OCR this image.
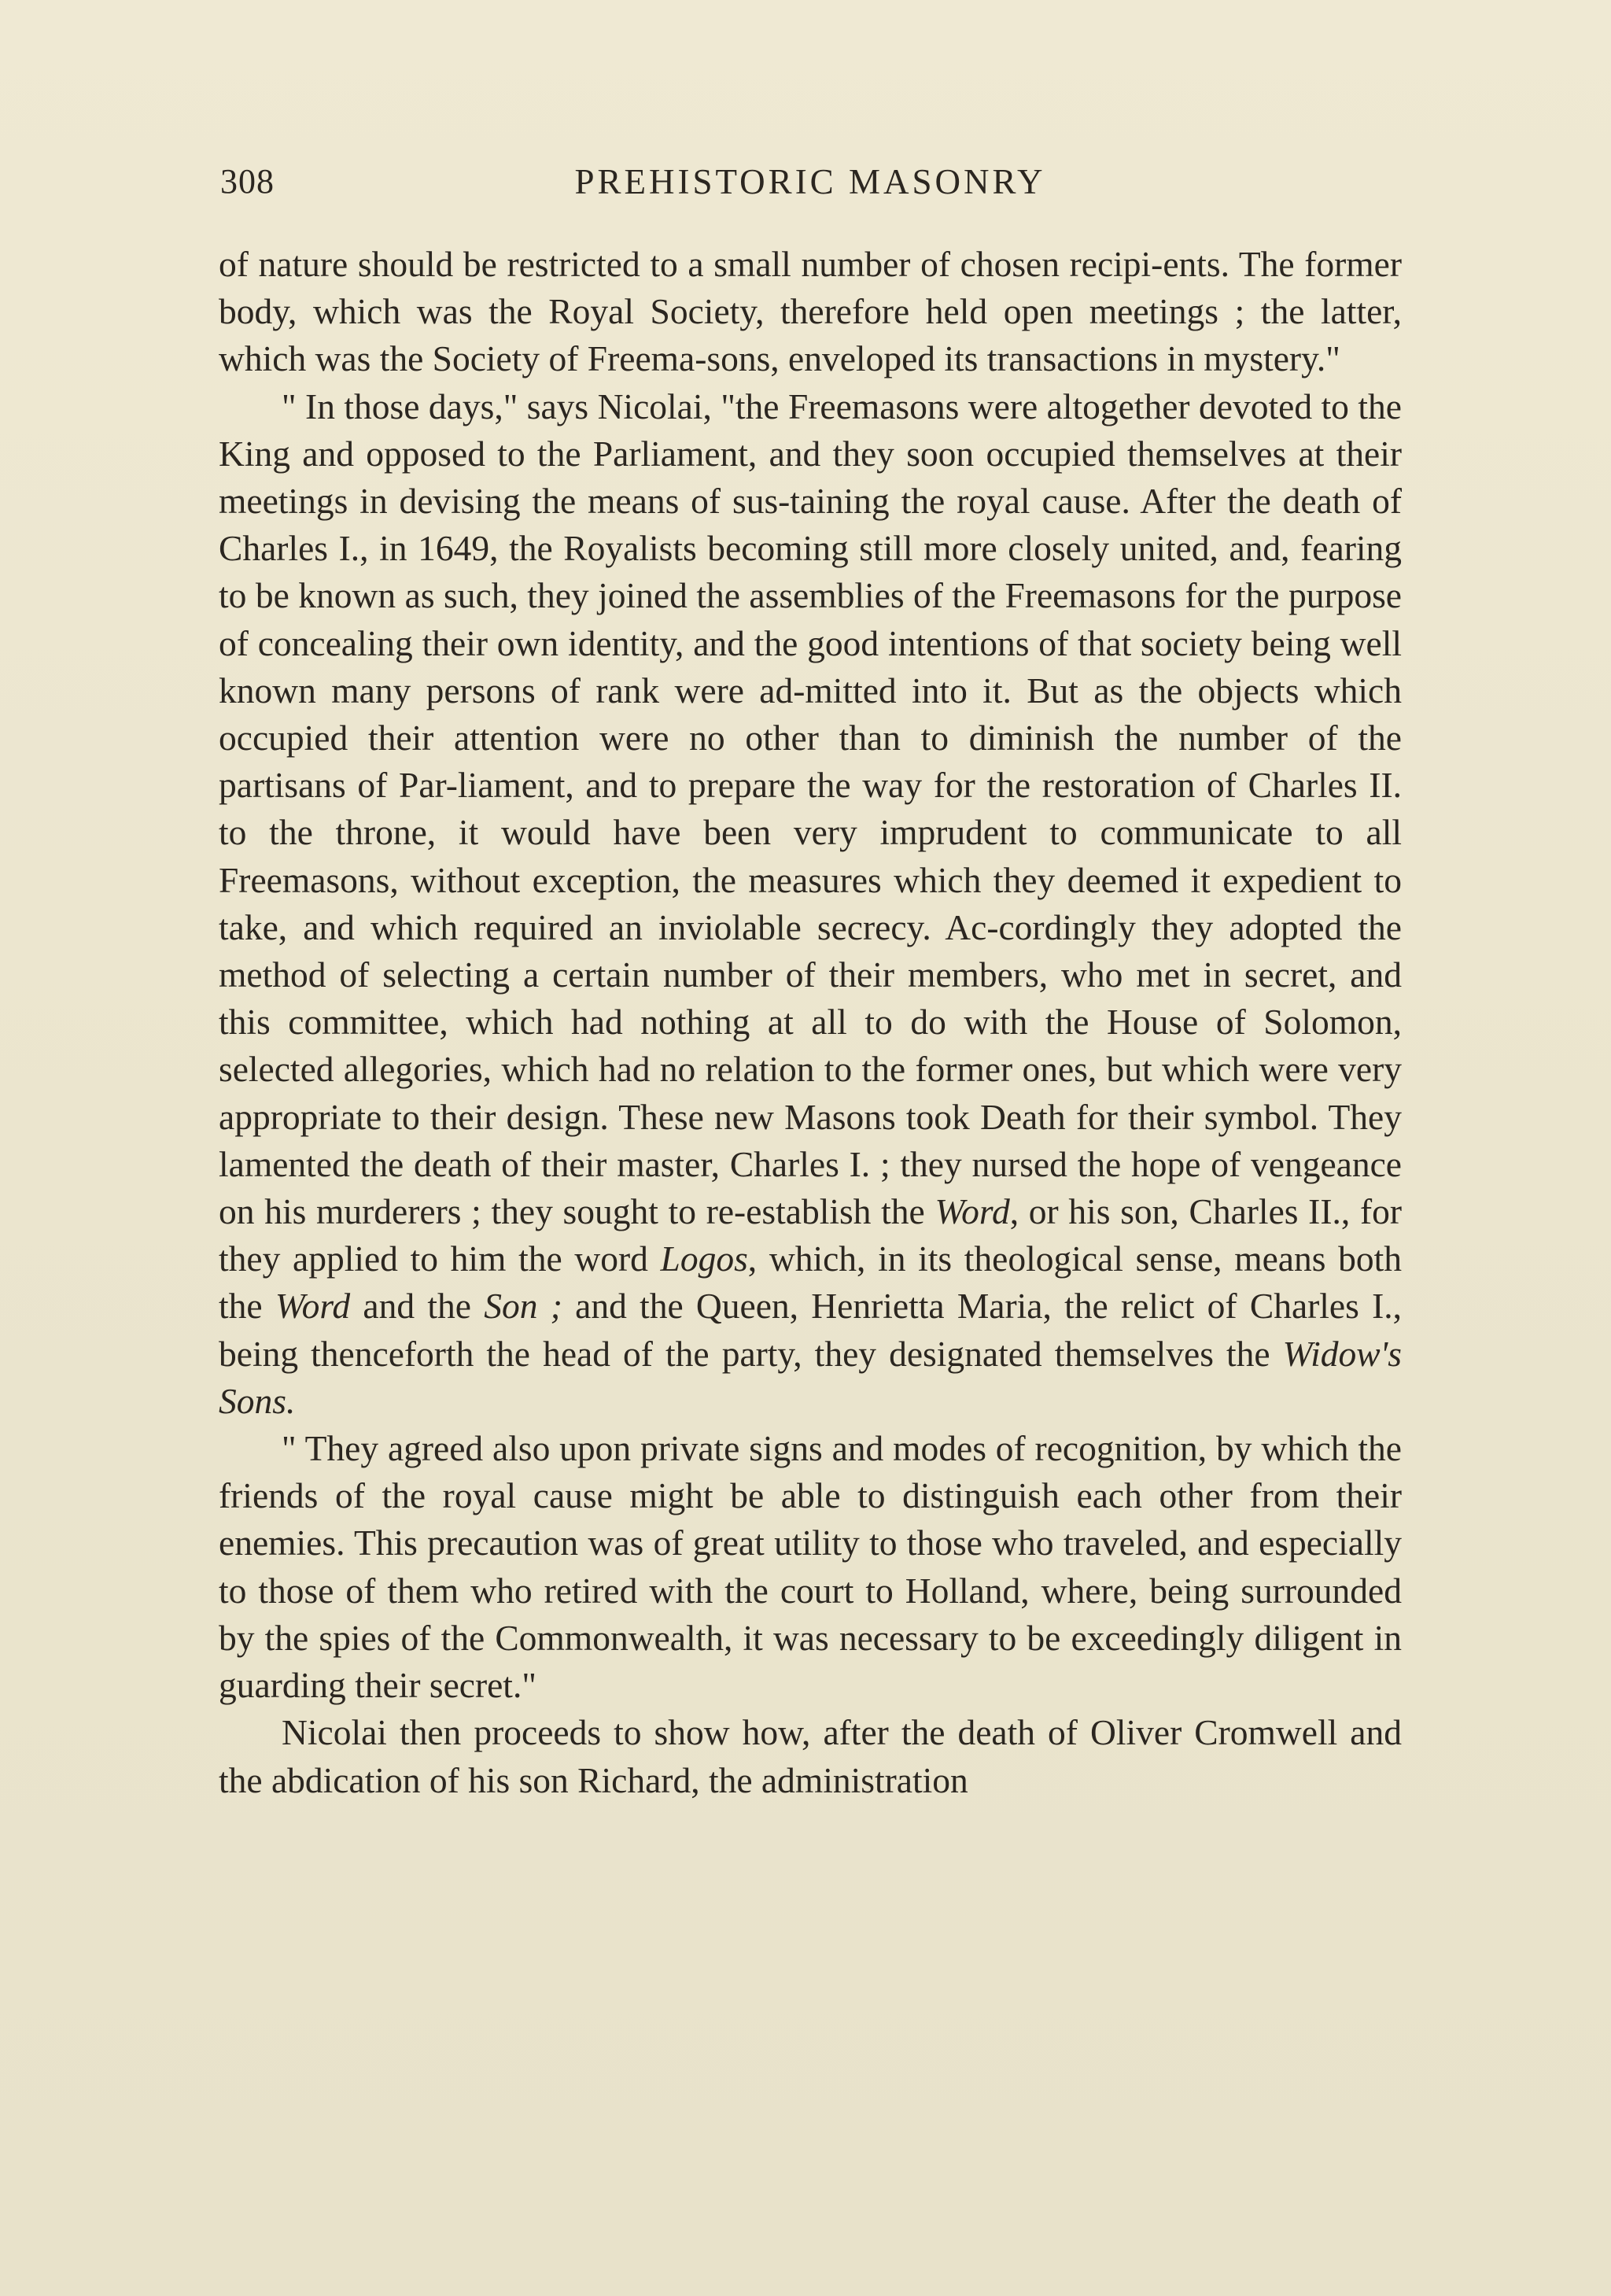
308	PREHISTORIC MASONRY

of nature should be restricted to a small number of chosen recipi-ents. The former body, which was the Royal Society, therefore held open meetings ; the latter, which was the Society of Freema-sons, enveloped its transactions in mystery."

" In those days," says Nicolai, "the Freemasons were altogether devoted to the King and opposed to the Parliament, and they soon occupied themselves at their meetings in devising the means of sus-taining the royal cause. After the death of Charles I., in 1649, the Royalists becoming still more closely united, and, fearing to be known as such, they joined the assemblies of the Freemasons for the purpose of concealing their own identity, and the good intentions of that society being well known many persons of rank were ad-mitted into it. But as the objects which occupied their attention were no other than to diminish the number of the partisans of Par-liament, and to prepare the way for the restoration of Charles II. to the throne, it would have been very imprudent to communicate to all Freemasons, without exception, the measures which they deemed it expedient to take, and which required an inviolable secrecy. Ac-cordingly they adopted the method of selecting a certain number of their members, who met in secret, and this committee, which had nothing at all to do with the House of Solomon, selected allegories, which had no relation to the former ones, but which were very appropriate to their design. These new Masons took Death for their symbol. They lamented the death of their master, Charles I. ; they nursed the hope of vengeance on his murderers ; they sought to re-establish the Word, or his son, Charles II., for they applied to him the word Logos, which, in its theological sense, means both the Word and the Son ; and the Queen, Henrietta Maria, the relict of Charles I., being thenceforth the head of the party, they designated themselves the Widow's Sons.

" They agreed also upon private signs and modes of recognition, by which the friends of the royal cause might be able to distinguish each other from their enemies. This precaution was of great utility to those who traveled, and especially to those of them who retired with the court to Holland, where, being surrounded by the spies of the Commonwealth, it was necessary to be exceedingly diligent in guarding their secret."

Nicolai then proceeds to show how, after the death of Oliver Cromwell and the abdication of his son Richard, the administration
